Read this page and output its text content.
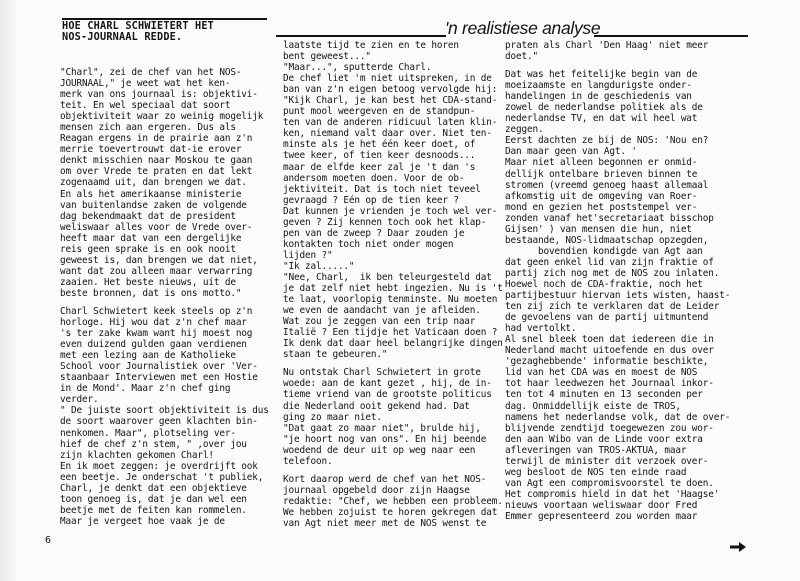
HOE CHARL SCHWIETERT HET
NOS-JOURNAAL REDDE.	'n realistiese analyse

"Charl", zei de chef van het NOS-
JOURNAAL," je weet wat het ken-
merk van ons journaal is: objektivi-
teit. En wel speciaal dat soort
objektiviteit waar zo weinig mogelijk
mensen zich aan ergeren. Dus als
Reagan ergens in de prairie aan z'n
merrie toevertrouwt dat-ie erover
denkt misschien naar Moskou te gaan
om over Vrede te praten en dat lekt
zogenaamd uit, dan brengen we dat.
En als het amerikaanse ministerie
van buitenlandse zaken de volgende
dag bekendmaakt dat de president
weliswaar alles voor de Vrede over-
heeft maar dat van een dergelijke
reis geen sprake is en ook nooit
geweest is, dan brengen we dat niet,
want dat zou alleen maar verwarring
zaaien. Het beste nieuws, uit de
beste bronnen, dat is ons motto."

Charl Schwietert keek steels op z'n
horloge. Hij wou dat z'n chef maar
's ter zake kwam want hij moest nog
even duizend gulden gaan verdienen
met een lezing aan de Katholieke
School voor Journalistiek over 'Ver-
staanbaar Interviewen met een Hostie
in de Mond'. Maar z'n chef ging
verder.
" De juiste soort objektiviteit is dus
de soort waarover geen klachten bin-
nenkomen. Maar", plotseling ver-
hief de chef z'n stem, " ,over jou
zijn klachten gekomen Charl!
En ik moet zeggen: je overdrijft ook
een beetje. Je onderschat 't publiek,
Charl, je denkt dat een objektieve
toon genoeg is, dat je dan wel een
beetje met de feiten kan rommelen.
Maar je vergeet hoe vaak je de

laatste tijd te zien en te horen
bent geweest..."
"Maar...", sputterde Charl.
De chef liet 'm niet uitspreken, in de
ban van z'n eigen betoog vervolgde hij:
"Kijk Charl, je kan best het CDA-stand-
punt mool weergeven en de standpun-
ten van de anderen ridicuul laten klin-
ken, niemand valt daar over. Niet ten-
minste als je het één keer doet, of
twee keer, of tien keer desnoods...
maar de elfde keer zal je 't dan 's
andersom moeten doen. Voor de ob-
jektiviteit. Dat is toch niet teveel
gevraagd ? Eén op de tien keer ?
Dat kunnen je vrienden je toch wel ver-
geven ? Zij kennen toch ook het klap-
pen van de zweep ? Daar zouden je
kontakten toch niet onder mogen
lijden ?"
"Ik zal....."
"Nee, Charl,  ik ben teleurgesteld dat
je dat zelf niet hebt ingezien. Nu is 't
te laat, voorlopig tenminste. Nu moeten
we even de aandacht van je afleiden.
Wat zou je zeggen van een trip naar
Italië ? Een tijdje het Vaticaan doen ?
Ik denk dat daar heel belangrijke dingen
staan te gebeuren."

Nu ontstak Charl Schwietert in grote
woede: aan de kant gezet , hij, de in-
tieme vriend van de grootste politicus
die Nederland ooit gekend had. Dat
ging zo maar niet.
"Dat gaat zo maar niet", brulde hij,
"je hoort nog van ons". En hij beende
woedend de deur uit op weg naar een
telefoon.

Kort daarop werd de chef van het NOS-
journaal opgebeld door zijn Haagse
redaktie: "Chef, we hebben een probleem.
We hebben zojuist te horen gekregen dat
van Agt niet meer met de NOS wenst te

praten als Charl 'Den Haag' niet meer
doet."

Dat was het feitelijke begin van de
moeizaamste en langdurigste onder-
handelingen in de geschiedenis van
zowel de nederlandse politiek als de
nederlandse TV, en dat wil heel wat
zeggen.
Eerst dachten ze bij de NOS: 'Nou en?
Dan maar geen van Agt. '
Maar niet alleen begonnen er onmid-
dellijk ontelbare brieven binnen te
stromen (vreemd genoeg haast allemaal
afkomstig uit de omgeving van Roer-
mond en gezien het poststempel ver-
zonden vanaf het'secretariaat bisschop
Gijsen' ) van mensen die hun, niet
bestaande, NOS-lidmaatschap opzegden,
bovendien kondigde van Agt aan
dat geen enkel lid van zijn fraktie of
partij zich nog met de NOS zou inlaten.
Hoewel noch de CDA-fraktie, noch het
partijbestuur hiervan iets wisten, haast-
ten zij zich te verklaren dat de Leider
de gevoelens van de partij uitmuntend
had vertolkt.
Al snel bleek toen dat iedereen die in
Nederland macht uitoefende en dus over
'gezaghebbende' informatie beschikte,
lid van het CDA was en moest de NOS
tot haar leedwezen het Journaal inkor-
ten tot 4 minuten en 13 seconden per
dag. Onmiddellijk eiste de TROS,
namens het nederlandse volk, dat de over-
blijvende zendtijd toegewezen zou wor-
den aan Wibo van de Linde voor extra
afleveringen van TROS-AKTUA, maar
terwijl de minister dit verzoek over-
weg besloot de NOS ten einde raad
van Agt een compromisvoorstel te doen.
Het compromis hield in dat het 'Haagse'
nieuws voortaan weliswaar door Fred
Emmer gepresenteerd zou worden maar

6
